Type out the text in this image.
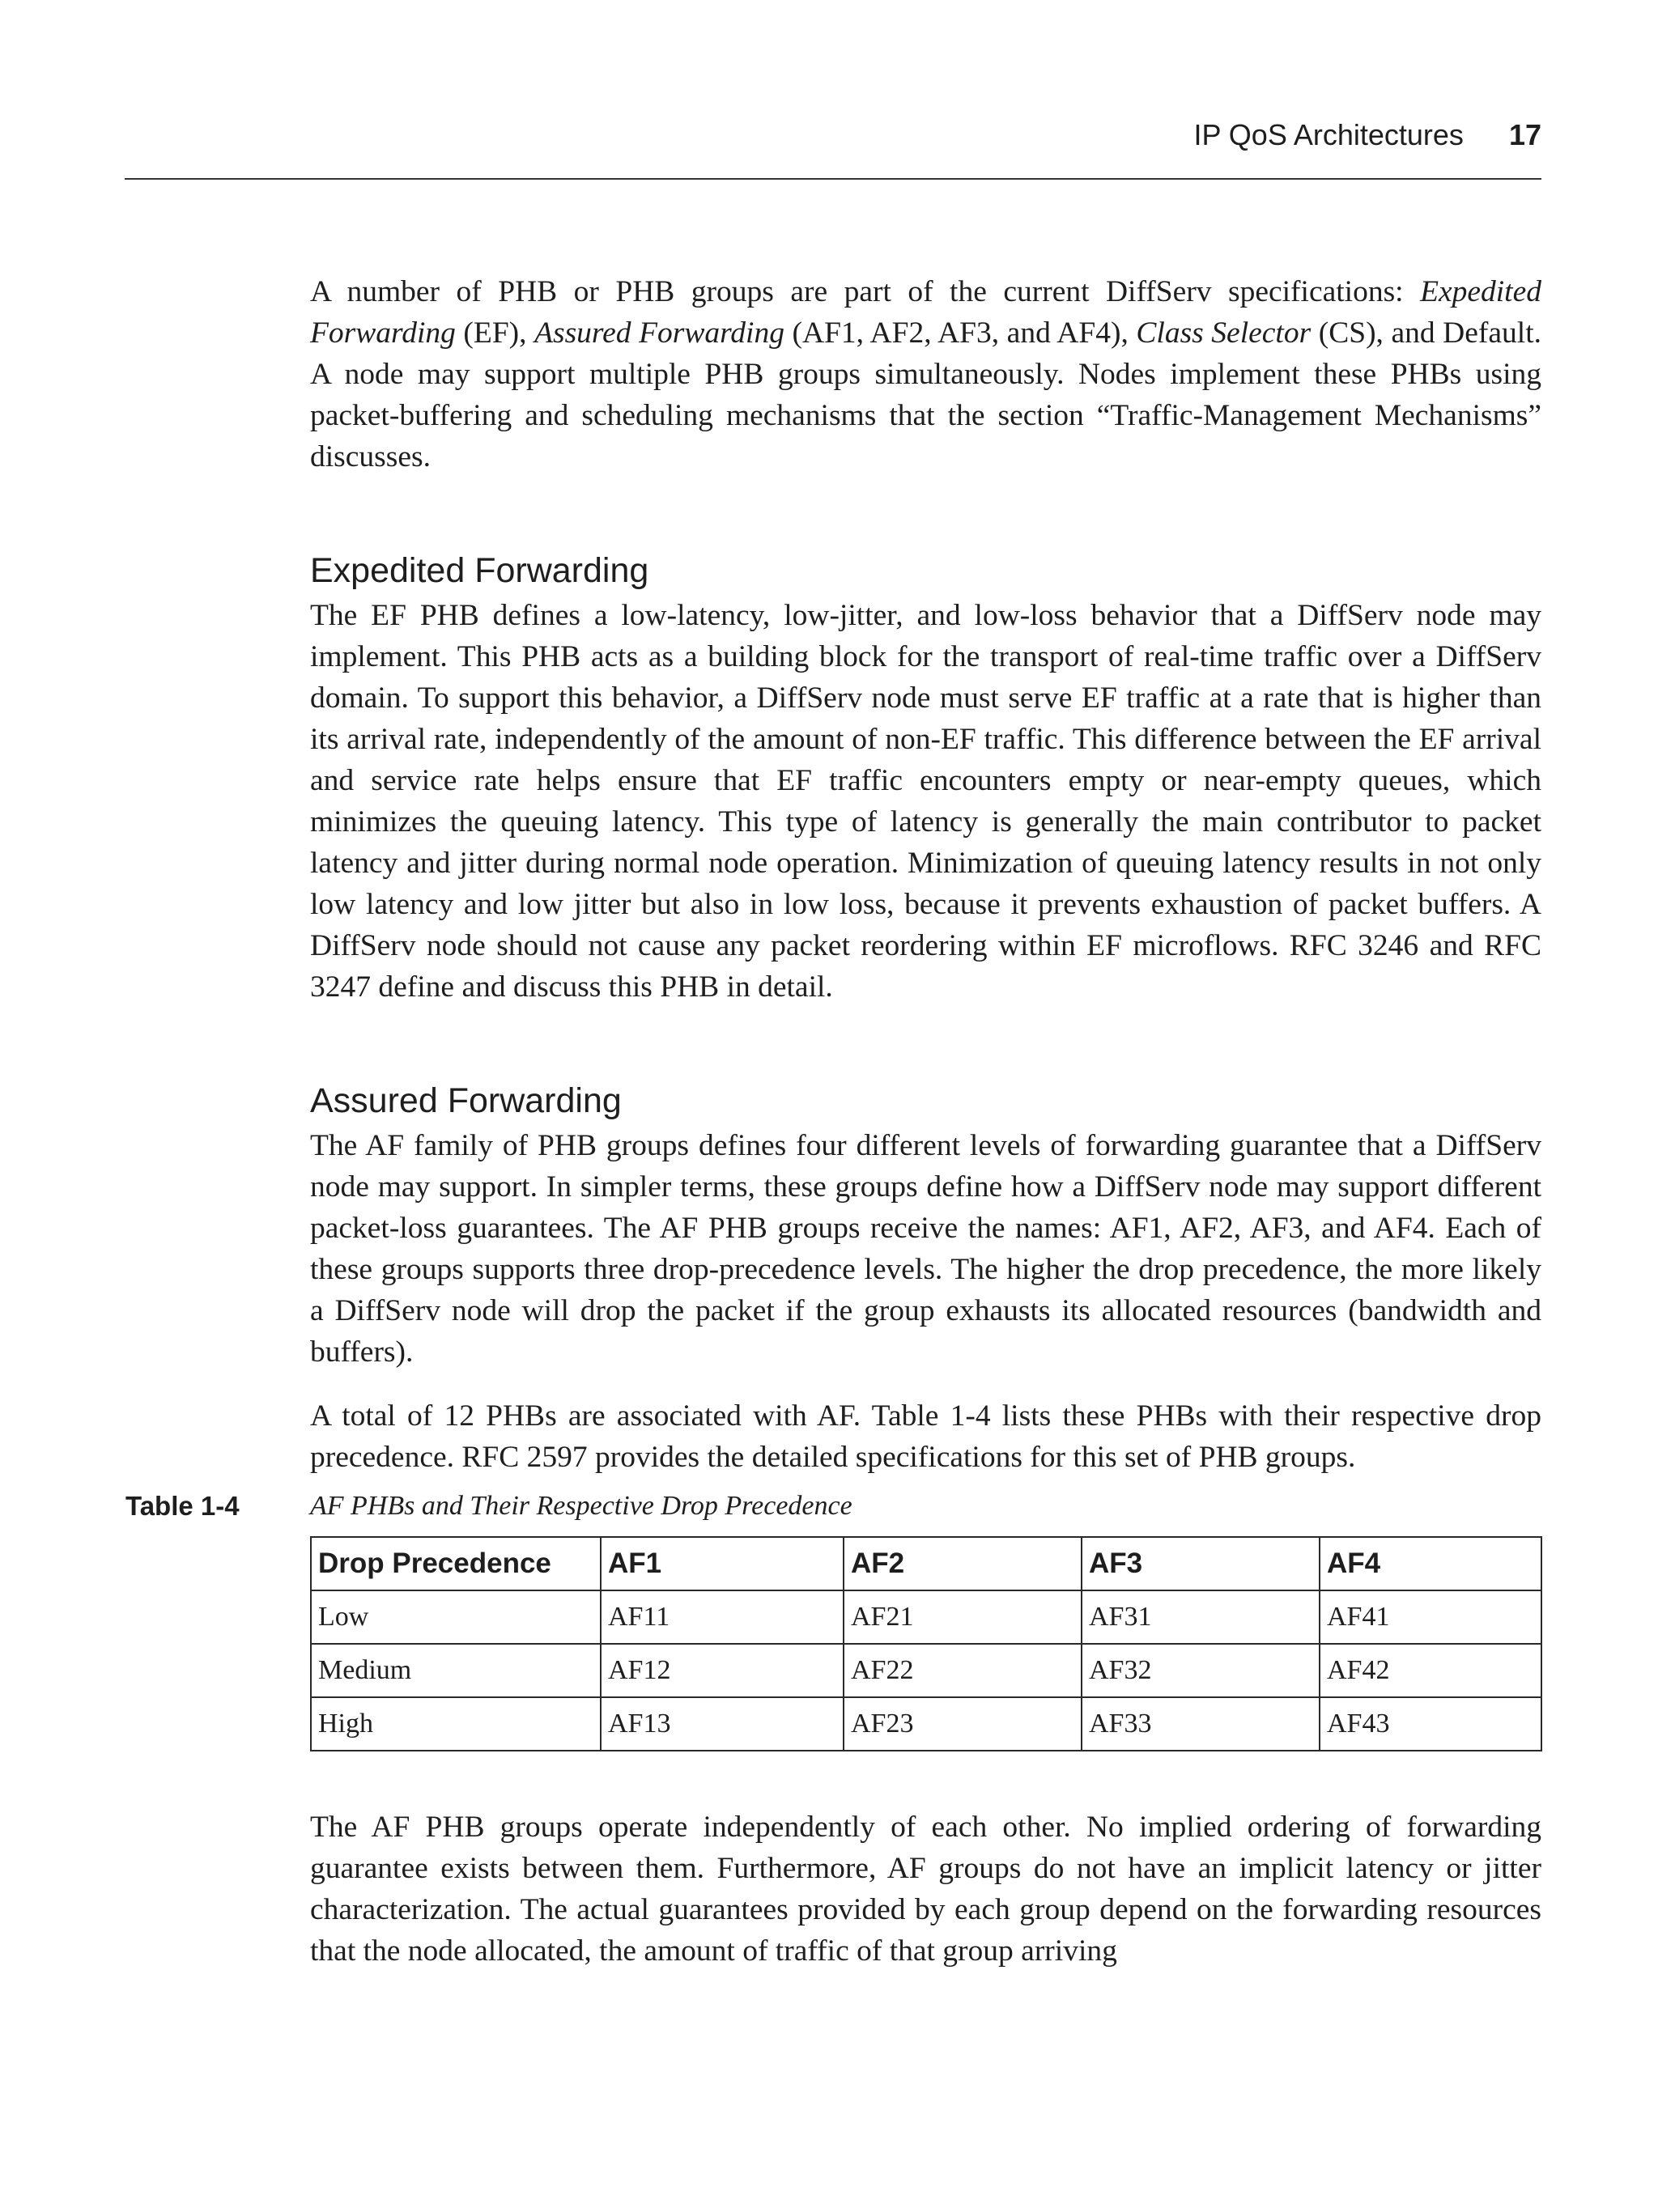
IP QoS Architectures 17

A number of PHB or PHB groups are part of the current DiffServ specifications: Expedited Forwarding (EF), Assured Forwarding (AF1, AF2, AF3, and AF4), Class Selector (CS), and Default. A node may support multiple PHB groups simultaneously. Nodes implement these PHBs using packet-buffering and scheduling mechanisms that the section “Traffic-Management Mechanisms” discusses.

Expedited Forwarding

The EF PHB defines a low-latency, low-jitter, and low-loss behavior that a DiffServ node may implement. This PHB acts as a building block for the transport of real-time traffic over a DiffServ domain. To support this behavior, a DiffServ node must serve EF traffic at a rate that is higher than its arrival rate, independently of the amount of non-EF traffic. This difference between the EF arrival and service rate helps ensure that EF traffic encounters empty or near-empty queues, which minimizes the queuing latency. This type of latency is generally the main contributor to packet latency and jitter during normal node operation. Minimization of queuing latency results in not only low latency and low jitter but also in low loss, because it prevents exhaustion of packet buffers. A DiffServ node should not cause any packet reordering within EF microflows. RFC 3246 and RFC 3247 define and discuss this PHB in detail.

Assured Forwarding

The AF family of PHB groups defines four different levels of forwarding guarantee that a DiffServ node may support. In simpler terms, these groups define how a DiffServ node may support different packet-loss guarantees. The AF PHB groups receive the names: AF1, AF2, AF3, and AF4. Each of these groups supports three drop-precedence levels. The higher the drop precedence, the more likely a DiffServ node will drop the packet if the group exhausts its allocated resources (bandwidth and buffers).

A total of 12 PHBs are associated with AF. Table 1-4 lists these PHBs with their respective drop precedence. RFC 2597 provides the detailed specifications for this set of PHB groups.

Table 1-4	AF PHBs and Their Respective Drop Precedence
Drop Precedence	AF1	AF2	AF3	AF4
Low	AF11	AF21	AF31	AF41
Medium	AF12	AF22	AF32	AF42
High	AF13	AF23	AF33	AF43

The AF PHB groups operate independently of each other. No implied ordering of forwarding guarantee exists between them. Furthermore, AF groups do not have an implicit latency or jitter characterization. The actual guarantees provided by each group depend on the forwarding resources that the node allocated, the amount of traffic of that group arriving
